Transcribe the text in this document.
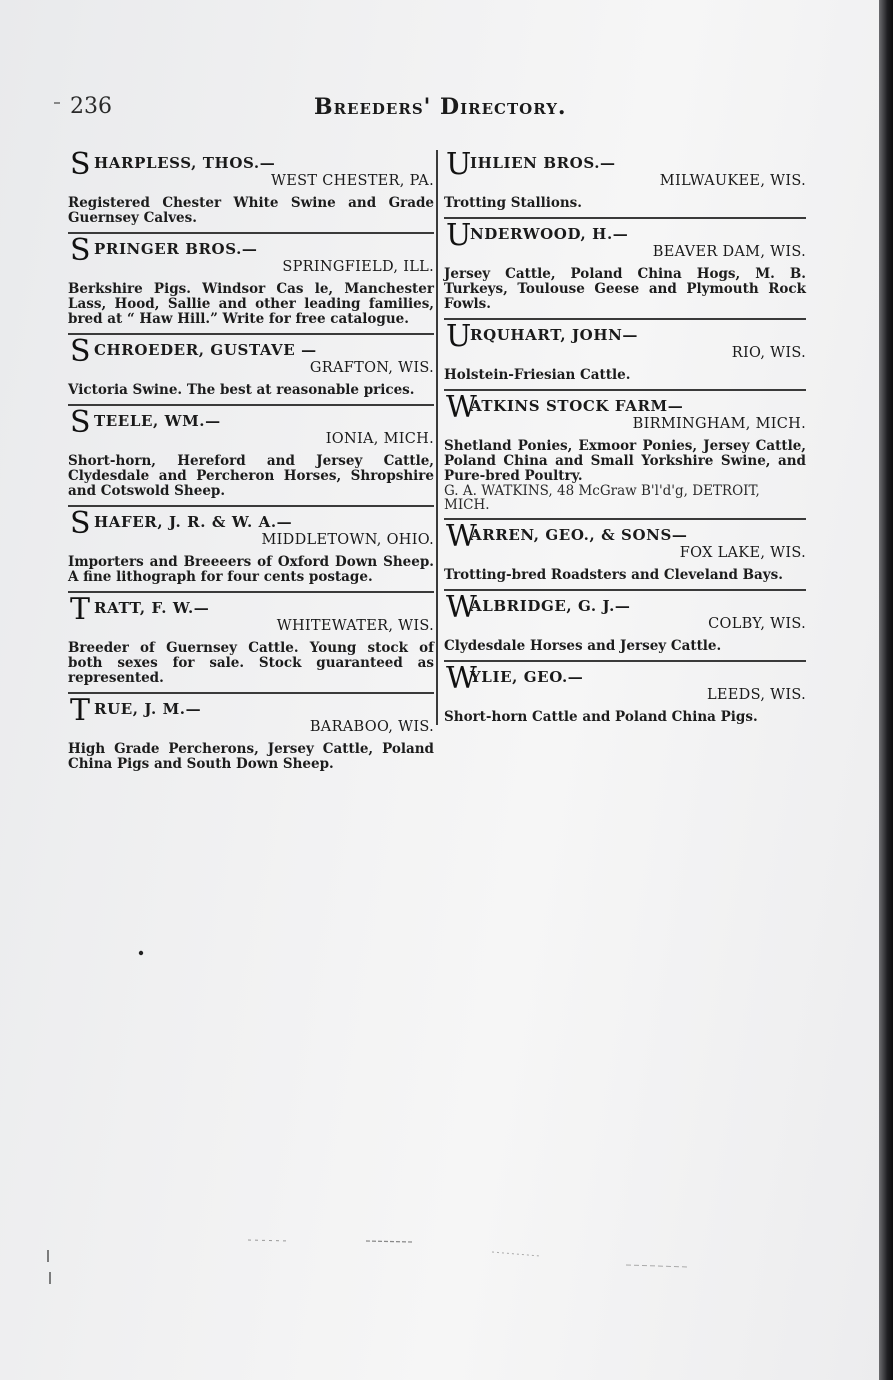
236	Breeders' Directory.
S HARPLESS, THOS.—
WEST CHESTER, PA.
Registered Chester White Swine and Grade Guernsey Calves.
S PRINGER BROS.—
SPRINGFIELD, ILL.
Berkshire Pigs. Windsor Cas le, Manchester Lass, Hood, Sallie and other leading families, bred at “ Haw Hill.” Write for free catalogue.
S CHROEDER, GUSTAVE —
GRAFTON, WIS.
Victoria Swine. The best at reasonable prices.
S TEELE, WM.—
IONIA, MICH.
Short-horn, Hereford and Jersey Cattle, Clydesdale and Percheron Horses, Shropshire and Cotswold Sheep.
S HAFER, J. R. & W. A.—
MIDDLETOWN, OHIO.
Importers and Breeeers of Oxford Down Sheep. A fine lithograph for four cents postage.
T RATT, F. W.—
WHITEWATER, WIS.
Breeder of Guernsey Cattle. Young stock of both sexes for sale. Stock guaranteed as represented.
T RUE, J. M.—
BARABOO, WIS.
High Grade Percherons, Jersey Cattle, Poland China Pigs and South Down Sheep.
U
IHLIEN BROS.—
MILWAUKEE, WIS.
Trotting Stallions.
U
NDERWOOD, H.—
BEAVER DAM, WIS.
Jersey Cattle, Poland China Hogs, M. B. Turkeys, Toulouse Geese and Plymouth Rock Fowls.
U
RQUHART, JOHN—
RIO, WIS.
Holstein-Friesian Cattle.
W
ATKINS STOCK FARM—
BIRMINGHAM, MICH.
Shetland Ponies, Exmoor Ponies, Jersey Cattle, Poland China and Small Yorkshire Swine, and Pure-bred Poultry.
G. A. WATKINS, 48 McGraw B'l'd'g, DETROIT, MICH.
W
ARREN, GEO., & SONS—
FOX LAKE, WIS.
Trotting-bred Roadsters and Cleveland Bays.
W
ALBRIDGE, G. J.—
COLBY, WIS.
Clydesdale Horses and Jersey Cattle.
W
YLIE, GEO.—
LEEDS, WIS.
Short-horn Cattle and Poland China Pigs.
